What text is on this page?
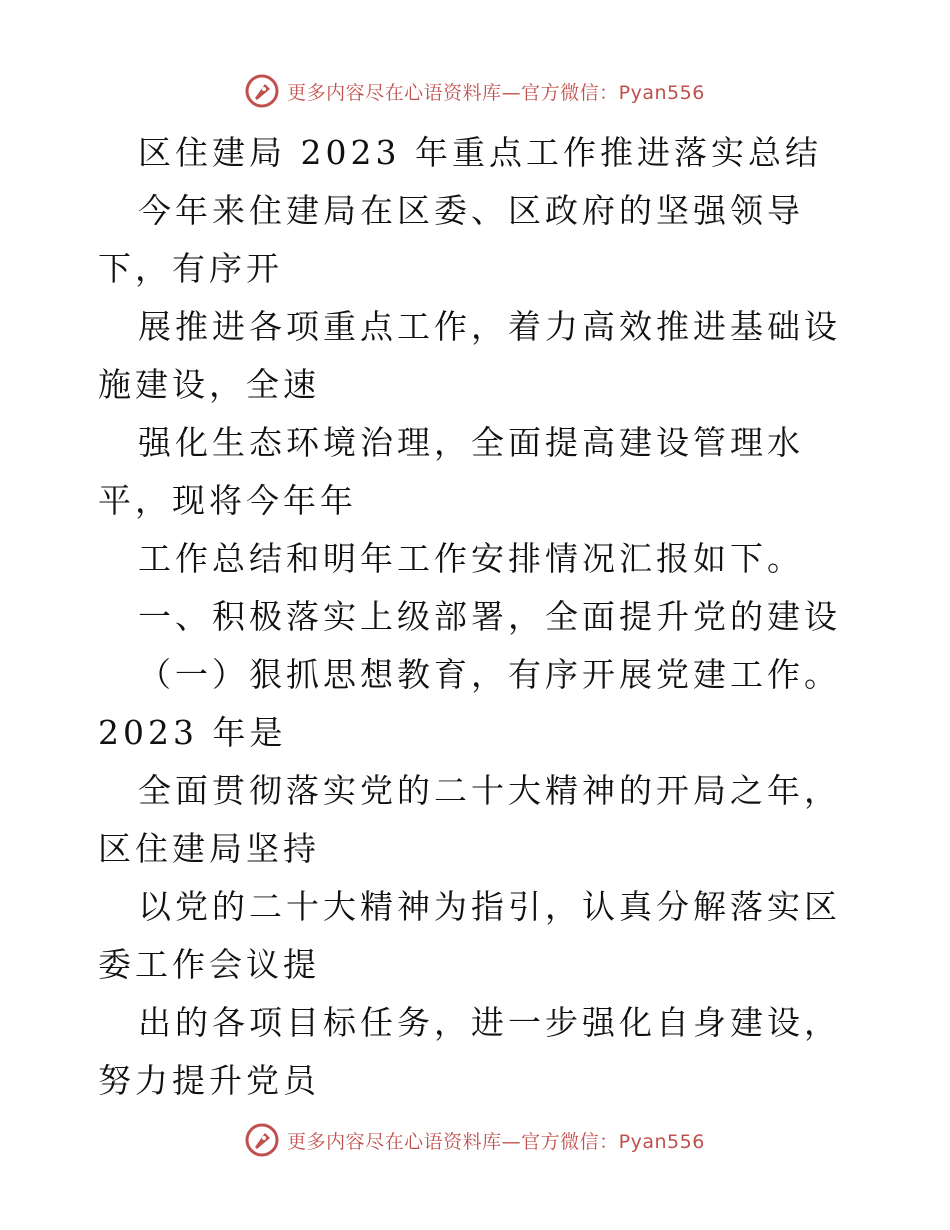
更多内容尽在心语资料库—官方微信：Pyan556

区住建局 2023 年重点工作推进落实总结

今年来住建局在区委、区政府的坚强领导下，有序开

展推进各项重点工作，着力高效推进基础设施建设，全速

强化生态环境治理，全面提高建设管理水平，现将今年年

工作总结和明年工作安排情况汇报如下。

一、积极落实上级部署，全面提升党的建设

（一）狠抓思想教育，有序开展党建工作。2023 年是

全面贯彻落实党的二十大精神的开局之年，区住建局坚持

以党的二十大精神为指引，认真分解落实区委工作会议提

出的各项目标任务，进一步强化自身建设，努力提升党员

更多内容尽在心语资料库—官方微信：Pyan556
